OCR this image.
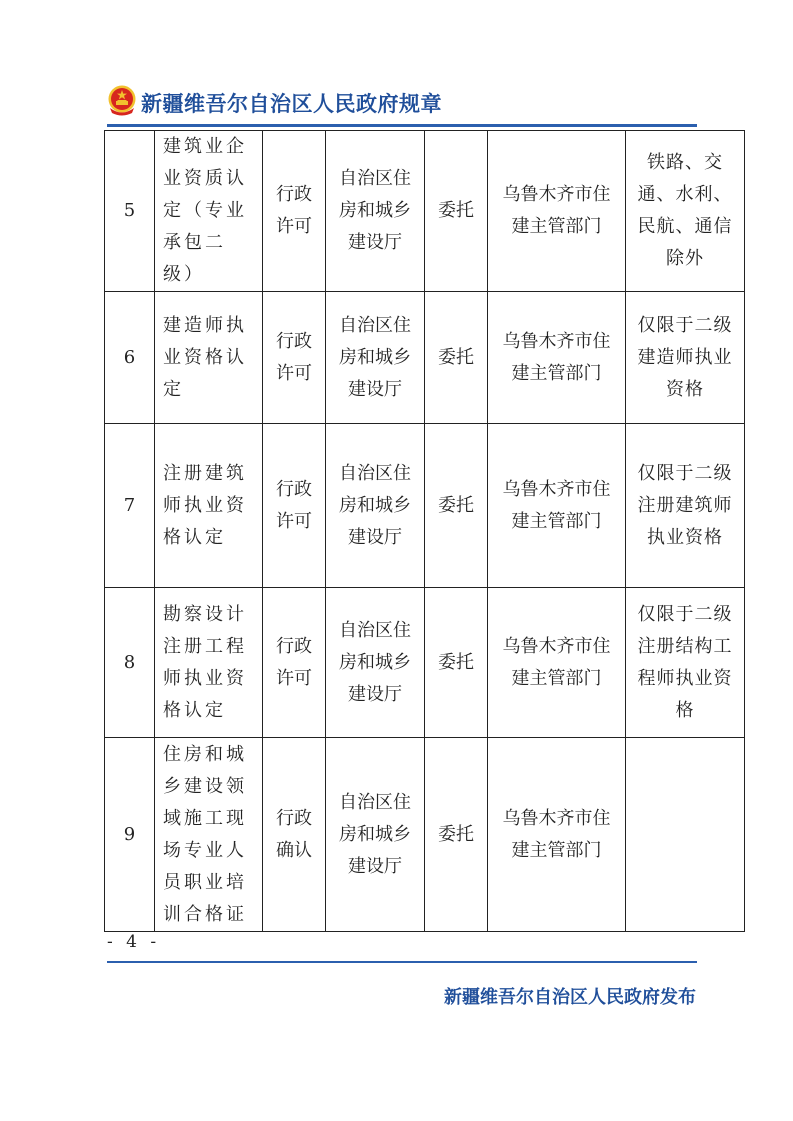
新疆维吾尔自治区人民政府规章
5	建筑业企业资质认定（专业承包二级）	行政许可	自治区住房和城乡建设厅	委托	乌鲁木齐市住建主管部门	铁路、交通、水利、民航、通信除外
6	建造师执业资格认定	行政许可	自治区住房和城乡建设厅	委托	乌鲁木齐市住建主管部门	仅限于二级建造师执业资格
7	注册建筑师执业资格认定	行政许可	自治区住房和城乡建设厅	委托	乌鲁木齐市住建主管部门	仅限于二级注册建筑师执业资格
8	勘察设计注册工程师执业资格认定	行政许可	自治区住房和城乡建设厅	委托	乌鲁木齐市住建主管部门	仅限于二级注册结构工程师执业资格
9	住房和城乡建设领域施工现场专业人员职业培训合格证	行政确认	自治区住房和城乡建设厅	委托	乌鲁木齐市住建主管部门	
- 4 -
新疆维吾尔自治区人民政府发布
